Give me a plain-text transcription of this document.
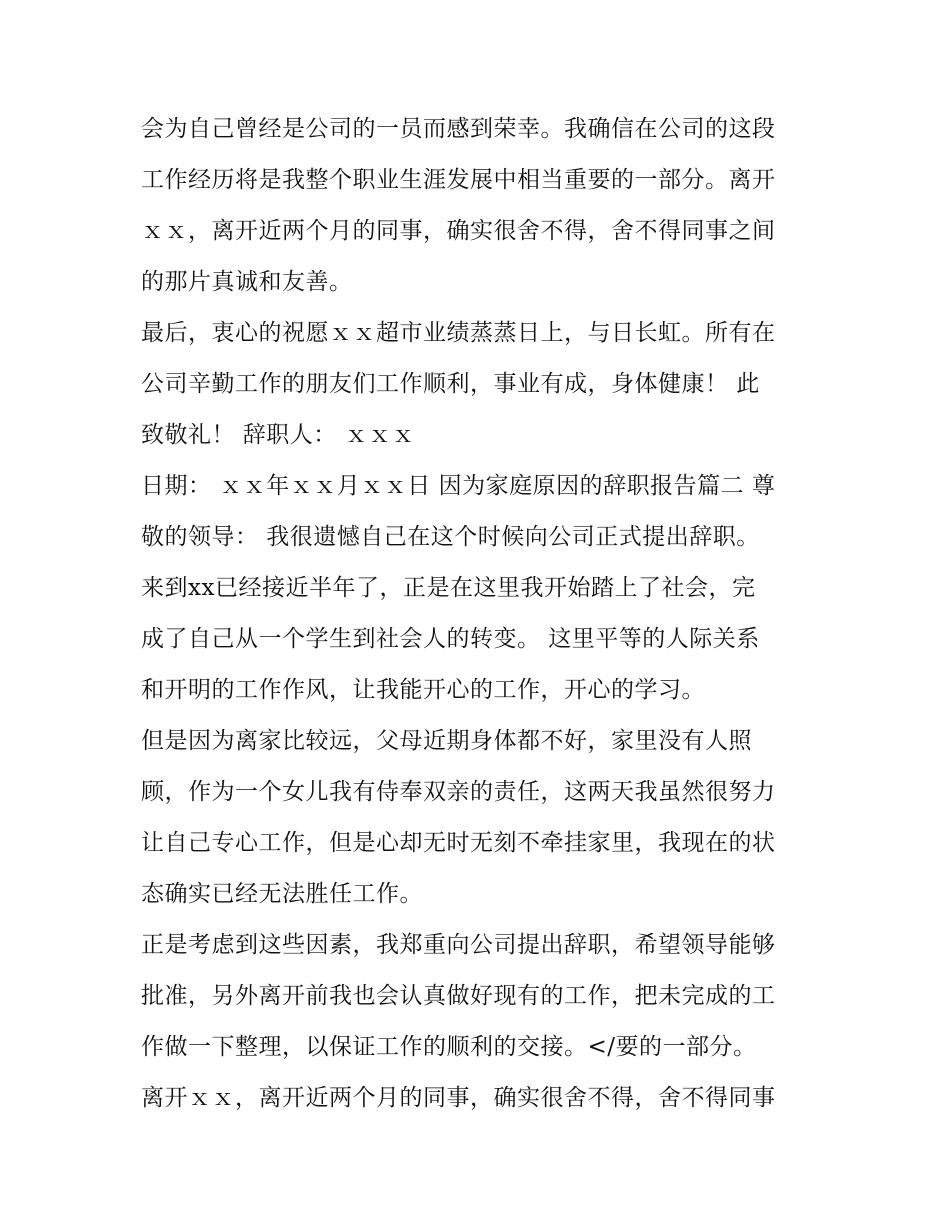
会为自己曾经是公司的一员而感到荣幸。我确信在公司的这段
工作经历将是我整个职业生涯发展中相当重要的一部分。离开
ｘｘ，离开近两个月的同事，确实很舍不得，舍不得同事之间
的那片真诚和友善。
最后，衷心的祝愿ｘｘ超市业绩蒸蒸日上，与日长虹。所有在
公司辛勤工作的朋友们工作顺利，事业有成，身体健康！ 此
致敬礼！ 辞职人： ｘｘｘ
日期： ｘｘ年ｘｘ月ｘｘ日 因为家庭原因的辞职报告篇二 尊
敬的领导： 我很遗憾自己在这个时候向公司正式提出辞职。
来到xx已经接近半年了，正是在这里我开始踏上了社会，完
成了自己从一个学生到社会人的转变。 这里平等的人际关系
和开明的工作作风，让我能开心的工作，开心的学习。
但是因为离家比较远，父母近期身体都不好，家里没有人照
顾，作为一个女儿我有侍奉双亲的责任，这两天我虽然很努力
让自己专心工作，但是心却无时无刻不牵挂家里，我现在的状
态确实已经无法胜任工作。
正是考虑到这些因素，我郑重向公司提出辞职，希望领导能够
批准，另外离开前我也会认真做好现有的工作，把未完成的工
作做一下整理，以保证工作的顺利的交接。</要的一部分。
离开ｘｘ，离开近两个月的同事，确实很舍不得，舍不得同事
